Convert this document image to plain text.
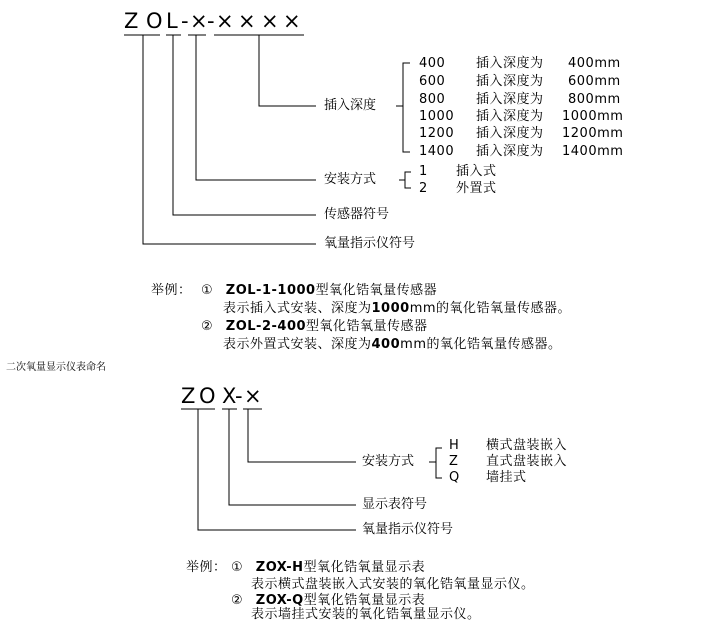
Z O L - ×
- × × × ×
插入深度
安装方式
传感器符号
氧量指示仪符号
400 插入深度为 400mm
600 插入深度为 600mm
800 插入深度为 800mm
1000 插入深度为 1000mm
1200 插入深度为 1200mm
1400 插入深度为 1400mm
1 插入式
2 外置式
举例： ① ZOL-1-1000型氧化锆氧量传感器
表示插入式安装、深度为1000mm的氧化锆氧量传感器。
② ZOL-2-400型氧化锆氧量传感器
表示外置式安装、深度为400mm的氧化锆氧量传感器。
二次氧量显示仪表命名
Z O X
- ×
安装方式
显示表符号
氧量指示仪符号
H 横式盘装嵌入
Z 直式盘装嵌入
Q 墙挂式
举例： ① ZOX-H型氧化锆氧量显示表
表示横式盘装嵌入式安装的氧化锆氧量显示仪。
② ZOX-Q型氧化锆氧量显示表
表示墙挂式安装的氧化锆氧量显示仪。
